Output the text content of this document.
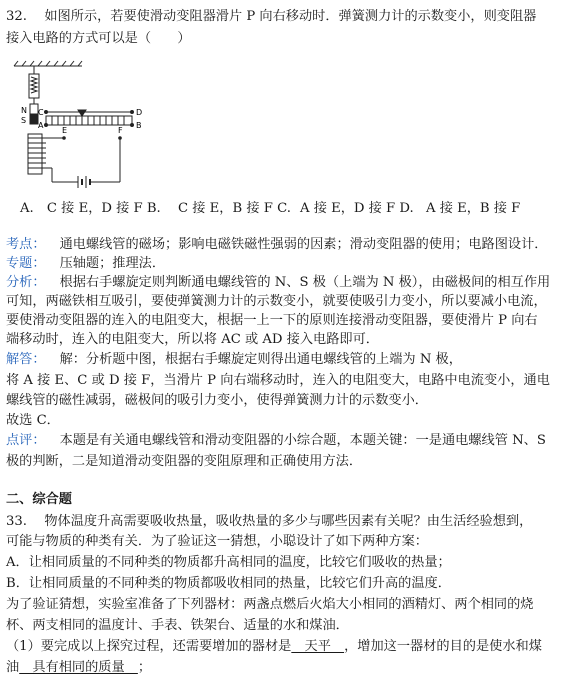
32.　 如图所示，若要使滑动变阻器滑片 P 向右移动时．弹簧测力计的示数变小，则变阻器
接入电路的方式可以是（　　）
N
S
D
B
C
A
E	F
A.　C 接 E，D 接 F B. C 接 E，B 接 F C. A 接 E，D 接 F D. A 接 E，B 接 F
考点： 通电螺线管的磁场；影响电磁铁磁性强弱的因素；滑动变阻器的使用；电路图设计．
专题： 压轴题；推理法．
分析： 根据右手螺旋定则判断通电螺线管的 N、S 极（上端为 N 极），由磁极间的相互作用
可知，两磁铁相互吸引，要使弹簧测力计的示数变小，就要使吸引力变小，所以要减小电流，
要使滑动变阻器的连入的电阻变大，根据一上一下的原则连接滑动变阻器，要使滑片 P 向右
端移动时，连入的电阻变大，所以将 AC 或 AD 接入电路即可．
解答： 解：分析题中图，根据右手螺旋定则得出通电螺线管的上端为 N 极，
将 A 接 E、C 或 D 接 F，当滑片 P 向右端移动时，连入的电阻变大，电路中电流变小，通电
螺线管的磁性减弱，磁极间的吸引力变小，使得弹簧测力计的示数变小．
故选 C．
点评： 本题是有关通电螺线管和滑动变阻器的小综合题，本题关键：一是通电螺线管 N、S
极的判断，二是知道滑动变阻器的变阻原理和正确使用方法．
二、综合题
33.　 物体温度升高需要吸收热量，吸收热量的多少与哪些因素有关呢？由生活经验想到，
可能与物质的种类有关．为了验证这一猜想，小聪设计了如下两种方案：
A．让相同质量的不同种类的物质都升高相同的温度，比较它们吸收的热量；
B．让相同质量的不同种类的物质都吸收相同的热量，比较它们升高的温度．
为了验证猜想，实验室准备了下列器材：两盏点燃后火焰大小相同的酒精灯、两个相同的烧
杯、两支相同的温度计、手表、铁架台、适量的水和煤油．
（1）要完成以上探究过程，还需要增加的器材是　天平　，增加这一器材的目的是使水和煤
油　具有相同的质量　；
